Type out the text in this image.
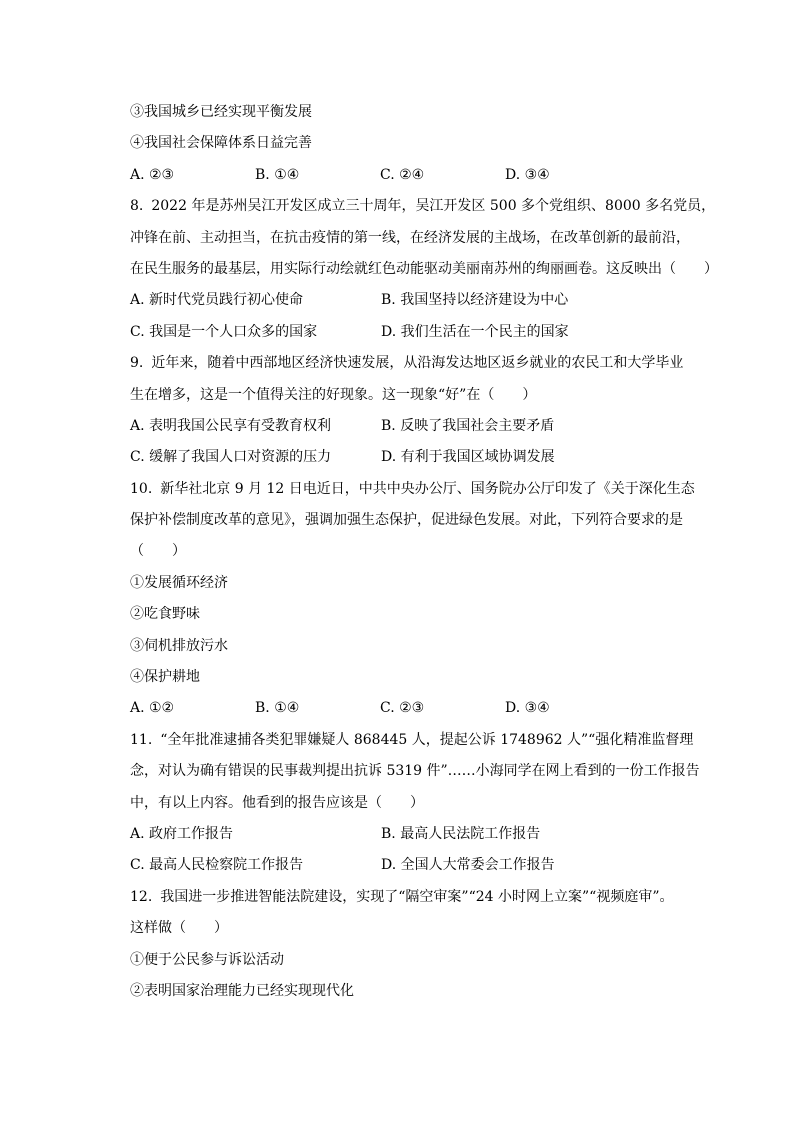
③我国城乡已经实现平衡发展
④我国社会保障体系日益完善
A. ②③	B. ①④	C. ②④	D. ③④
8. 2022 年是苏州吴江开发区成立三十周年，吴江开发区 500 多个党组织、8000 多名党员，
冲锋在前、主动担当，在抗击疫情的第一线，在经济发展的主战场，在改革创新的最前沿，
在民生服务的最基层，用实际行动绘就红色动能驱动美丽南苏州的绚丽画卷。这反映出（　　）
A. 新时代党员践行初心使命	B. 我国坚持以经济建设为中心
C. 我国是一个人口众多的国家	D. 我们生活在一个民主的国家
9. 近年来，随着中西部地区经济快速发展，从沿海发达地区返乡就业的农民工和大学毕业
生在增多，这是一个值得关注的好现象。这一现象“好”在（　　）
A. 表明我国公民享有受教育权利	B. 反映了我国社会主要矛盾
C. 缓解了我国人口对资源的压力	D. 有利于我国区域协调发展
10. 新华社北京 9 月 12 日电近日，中共中央办公厅、国务院办公厅印发了《关于深化生态
保护补偿制度改革的意见》，强调加强生态保护，促进绿色发展。对此，下列符合要求的是
（　　）
①发展循环经济
②吃食野味
③伺机排放污水
④保护耕地
A. ①②	B. ①④	C. ②③	D. ③④
11. “全年批准逮捕各类犯罪嫌疑人 868445 人，提起公诉 1748962 人”“强化精准监督理
念，对认为确有错误的民事裁判提出抗诉 5319 件”……小海同学在网上看到的一份工作报告
中，有以上内容。他看到的报告应该是（　　）
A. 政府工作报告	B. 最高人民法院工作报告
C. 最高人民检察院工作报告	D. 全国人大常委会工作报告
12. 我国进一步推进智能法院建设，实现了“隔空审案”“24 小时网上立案”“视频庭审”。
这样做（　　）
①便于公民参与诉讼活动
②表明国家治理能力已经实现现代化
